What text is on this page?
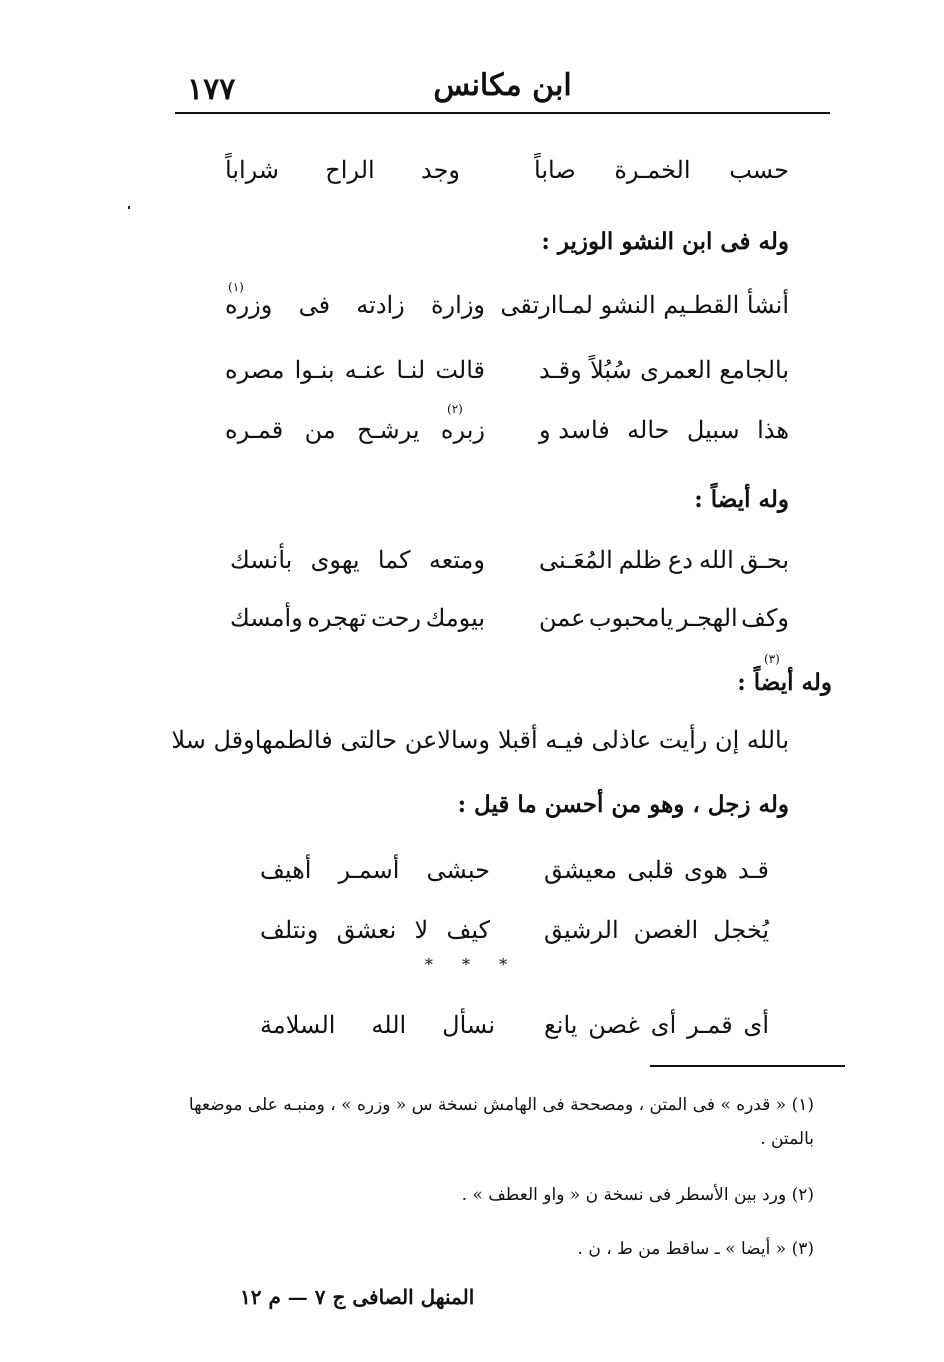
١٧٧	ابن مكانس
حسب
الخمـرة
صاباً
وجد
الراح
شراباً
وله فى ابن النشو الوزير :
أنشأ القطـيم النشو لمـا
ارتقى
وزارة
زادته
فى
وزره
(١)
بالجامع العمرى
سُبُلاً
وقـد
قالت
لنـا
عنـه
بنـوا
مصره
هذا
سبيل
حاله
فاسد و
زبره
يرشـح
من
قمـره
(٢)
وله أيضاً :
بحـق
الله
دع
ظلم
المُعَـنى
ومتعه
كما
يهوى
بأنسك
وكف
الهجـر
يامحبوب
عمن
بيومك
رحت
تهجره
وأمسك
وله أيضاً :
(٣)
بالله إن رأيت عاذلى فيـه أقبلا
وسالاعن حالتى فالطمهاوقل سلا
وله زجل ، وهو من أحسن ما قيل :
قـد
هوى
قلبى
معيشق
حبشى
أسمـر
أهيف
يُخجل
الغصن
الرشيق
كيف
لا
نعشق
ونتلف
* * *
أى
قمـر
أى
غصن
يانع
نسأل
الله
السلامة
(١) « قدره » فى المتن ، ومصححة فى الهامش نسخة س « وزره » ، ومنبـه على موضعها بالمتن .
(٢) ورد بين الأسطر فى نسخة ن « واو العطف » .
(٣) « أيضا » ـ ساقط من ط ، ن .
المنهل الصافى ج ٧ — م ١٢
